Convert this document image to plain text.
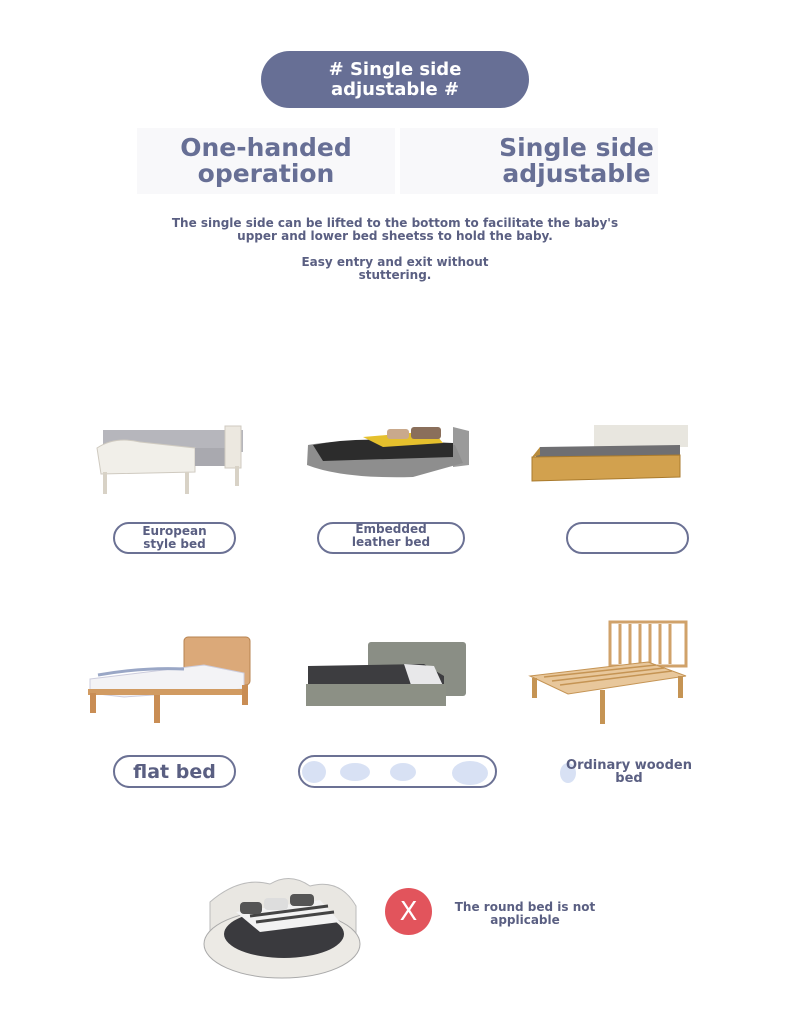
# Single side adjustable #
One-handed operation
Single side adjustable
The single side can be lifted to the bottom to facilitate the baby's upper and lower bed sheetss to hold the baby.
Easy entry and exit without stuttering.
European style bed
Embedded leather bed
flat bed	Ordinary wooden bed
X	The round bed is not applicable
